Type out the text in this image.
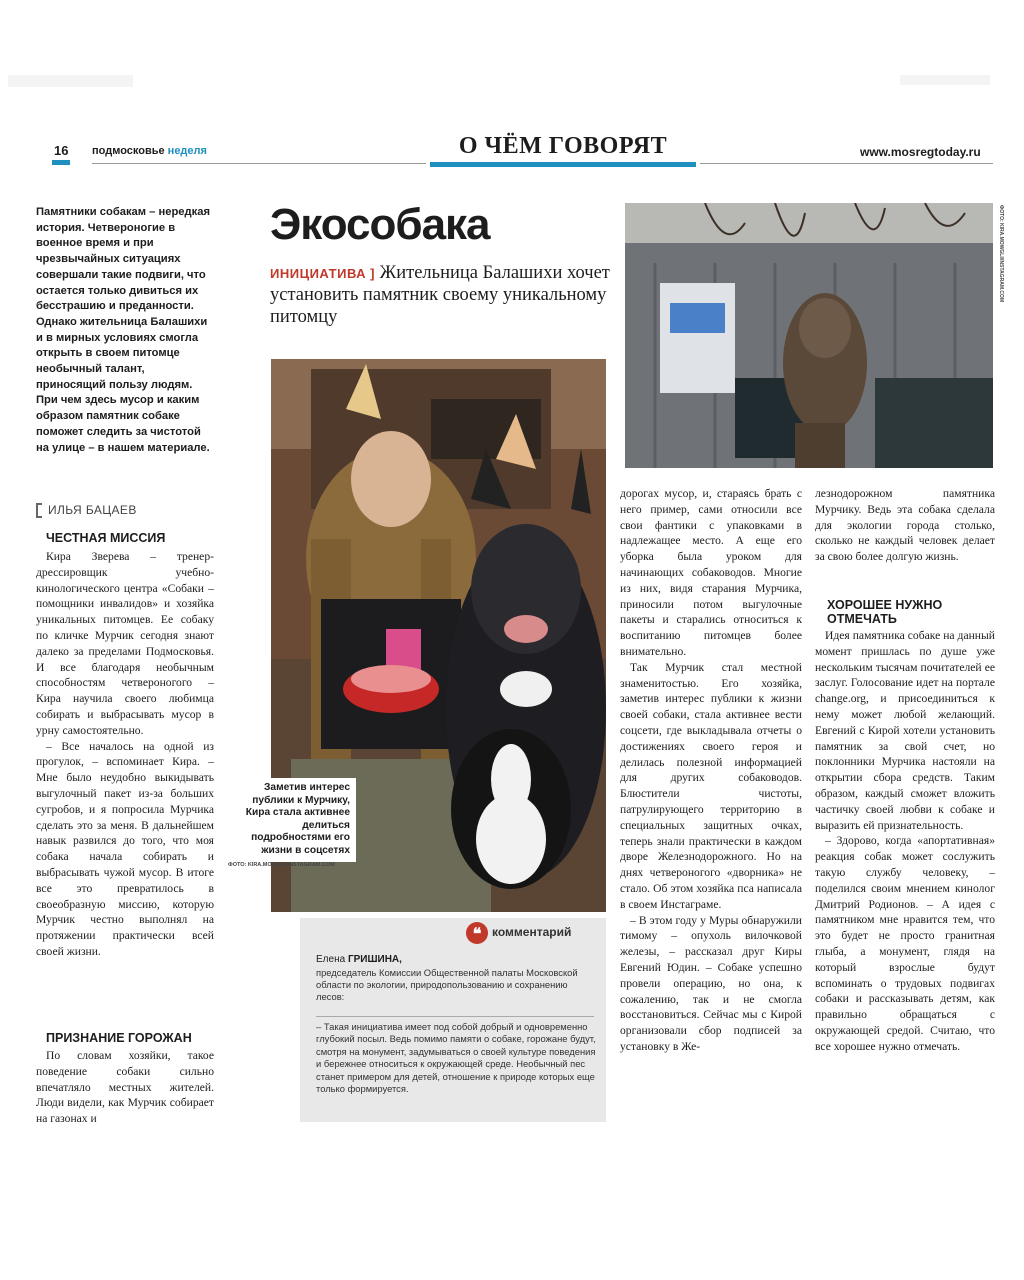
16 подмосковье неделя	О ЧЁМ ГОВОРЯТ	www.mosregtoday.ru
Памятники собакам – нередкая история. Четвероногие в военное время и при чрезвычайных ситуациях совершали такие подвиги, что остается только дивиться их бесстрашию и преданности. Однако жительница Балашихи и в мирных условиях смогла открыть в своем питомце необычный талант, приносящий пользу людям. При чем здесь мусор и каким образом памятник собаке поможет следить за чистотой на улице – в нашем материале.
ИЛЬЯ БАЦАЕВ
ЧЕСТНАЯ МИССИЯ

Кира Зверева – тренер-дрессировщик учебно-кинологического центра «Собаки – помощники инвалидов» и хозяйка уникальных питомцев. Ее собаку по кличке Мурчик сегодня знают далеко за пределами Подмосковья. И все благодаря необычным способностям четвероногого – Кира научила своего любимца собирать и выбрасывать мусор в урну самостоятельно.

– Все началось на одной из прогулок, – вспоминает Кира. – Мне было неудобно выкидывать выгулочный пакет из-за больших сугробов, и я попросила Мурчика сделать это за меня. В дальнейшем навык развился до того, что моя собака начала собирать и выбрасывать чужой мусор. В итоге все это превратилось в своеобразную миссию, которую Мурчик честно выполнял на протяжении практически всей своей жизни.

ПРИЗНАНИЕ ГОРОЖАН

По словам хозяйки, такое поведение собаки сильно впечатляло местных жителей. Люди видели, как Мурчик собирает на газонах и

Экособака
ИНИЦИАТИВА ] Жительница Балашихи хочет установить памятник своему уникальному питомцу
Заметив интерес публики к Мурчику, Кира стала активнее делиться подробностями его жизни в соцсетях
ФОТО: KIRA.MOWGLI/INSTAGRAM.COM
ФОТО: KIRA.MOWGLI/INSTAGRAM.COM
❝ комментарий
Елена ГРИШИНА,
председатель Комиссии Общественной палаты Московской области по экологии, природопользованию и сохранению лесов:
– Такая инициатива имеет под собой добрый и одновременно глубокий посыл. Ведь помимо памяти о собаке, горожане будут, смотря на монумент, задумываться о своей культуре поведения и бережнее относиться к окружающей среде. Необычный пес станет примером для детей, отношение к природе которых еще только формируется.

дорогах мусор, и, стараясь брать с него пример, сами относили все свои фантики с упаковками в надлежащее место. А еще его уборка была уроком для начинающих собаководов. Многие из них, видя старания Мурчика, приносили потом выгулочные пакеты и старались относиться к воспитанию питомцев более внимательно.

Так Мурчик стал местной знаменитостью. Его хозяйка, заметив интерес публики к жизни своей собаки, стала активнее вести соцсети, где выкладывала отчеты о достижениях своего героя и делилась полезной информацией для других собаководов. Блюстители чистоты, патрулирующего территорию в специальных защитных очках, теперь знали практически в каждом дворе Железнодорожного. Но на днях четвероногого «дворника» не стало. Об этом хозяйка пса написала в своем Инстаграме.

– В этом году у Муры обнаружили тимому – опухоль вилочковой железы, – рассказал друг Киры Евгений Юдин. – Собаке успешно провели операцию, но она, к сожалению, так и не смогла восстановиться. Сейчас мы с Кирой организовали сбор подписей за установку в Же-

лезнодорожном памятника Мурчику. Ведь эта собака сделала для экологии города столько, сколько не каждый человек делает за свою более долгую жизнь.

ХОРОШЕЕ НУЖНО ОТМЕЧАТЬ

Идея памятника собаке на данный момент пришлась по душе уже нескольким тысячам почитателей ее заслуг. Голосование идет на портале change.org, и присоединиться к нему может любой желающий. Евгений с Кирой хотели установить памятник за свой счет, но поклонники Мурчика настояли на открытии сбора средств. Таким образом, каждый сможет вложить частичку своей любви к собаке и выразить ей признательность.

– Здорово, когда «апортативная» реакция собак может сослужить такую службу человеку, – поделился своим мнением кинолог Дмитрий Родионов. – А идея с памятником мне нравится тем, что это будет не просто гранитная глыба, а монумент, глядя на который взрослые будут вспоминать о трудовых подвигах собаки и рассказывать детям, как правильно обращаться с окружающей средой. Считаю, что все хорошее нужно отмечать.
